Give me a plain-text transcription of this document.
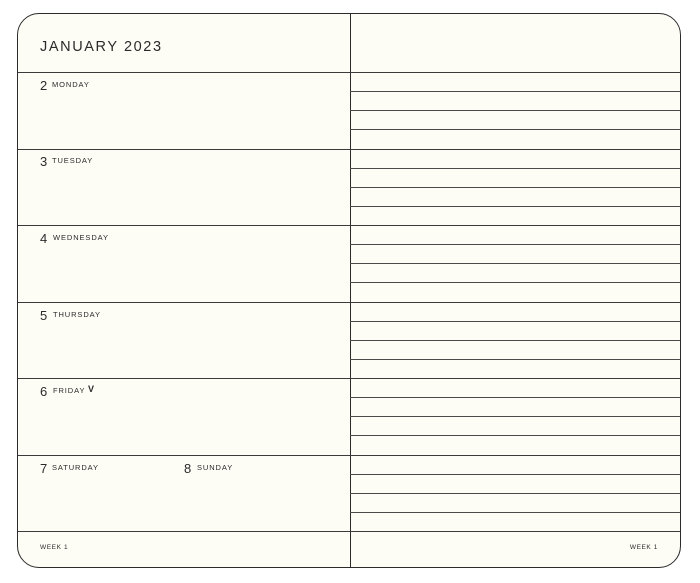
JANUARY 2023
2 MONDAY
3 TUESDAY
4 WEDNESDAY
5 THURSDAY
6 FRIDAY V
7 SATURDAY	8 SUNDAY
WEEK 1	WEEK 1
